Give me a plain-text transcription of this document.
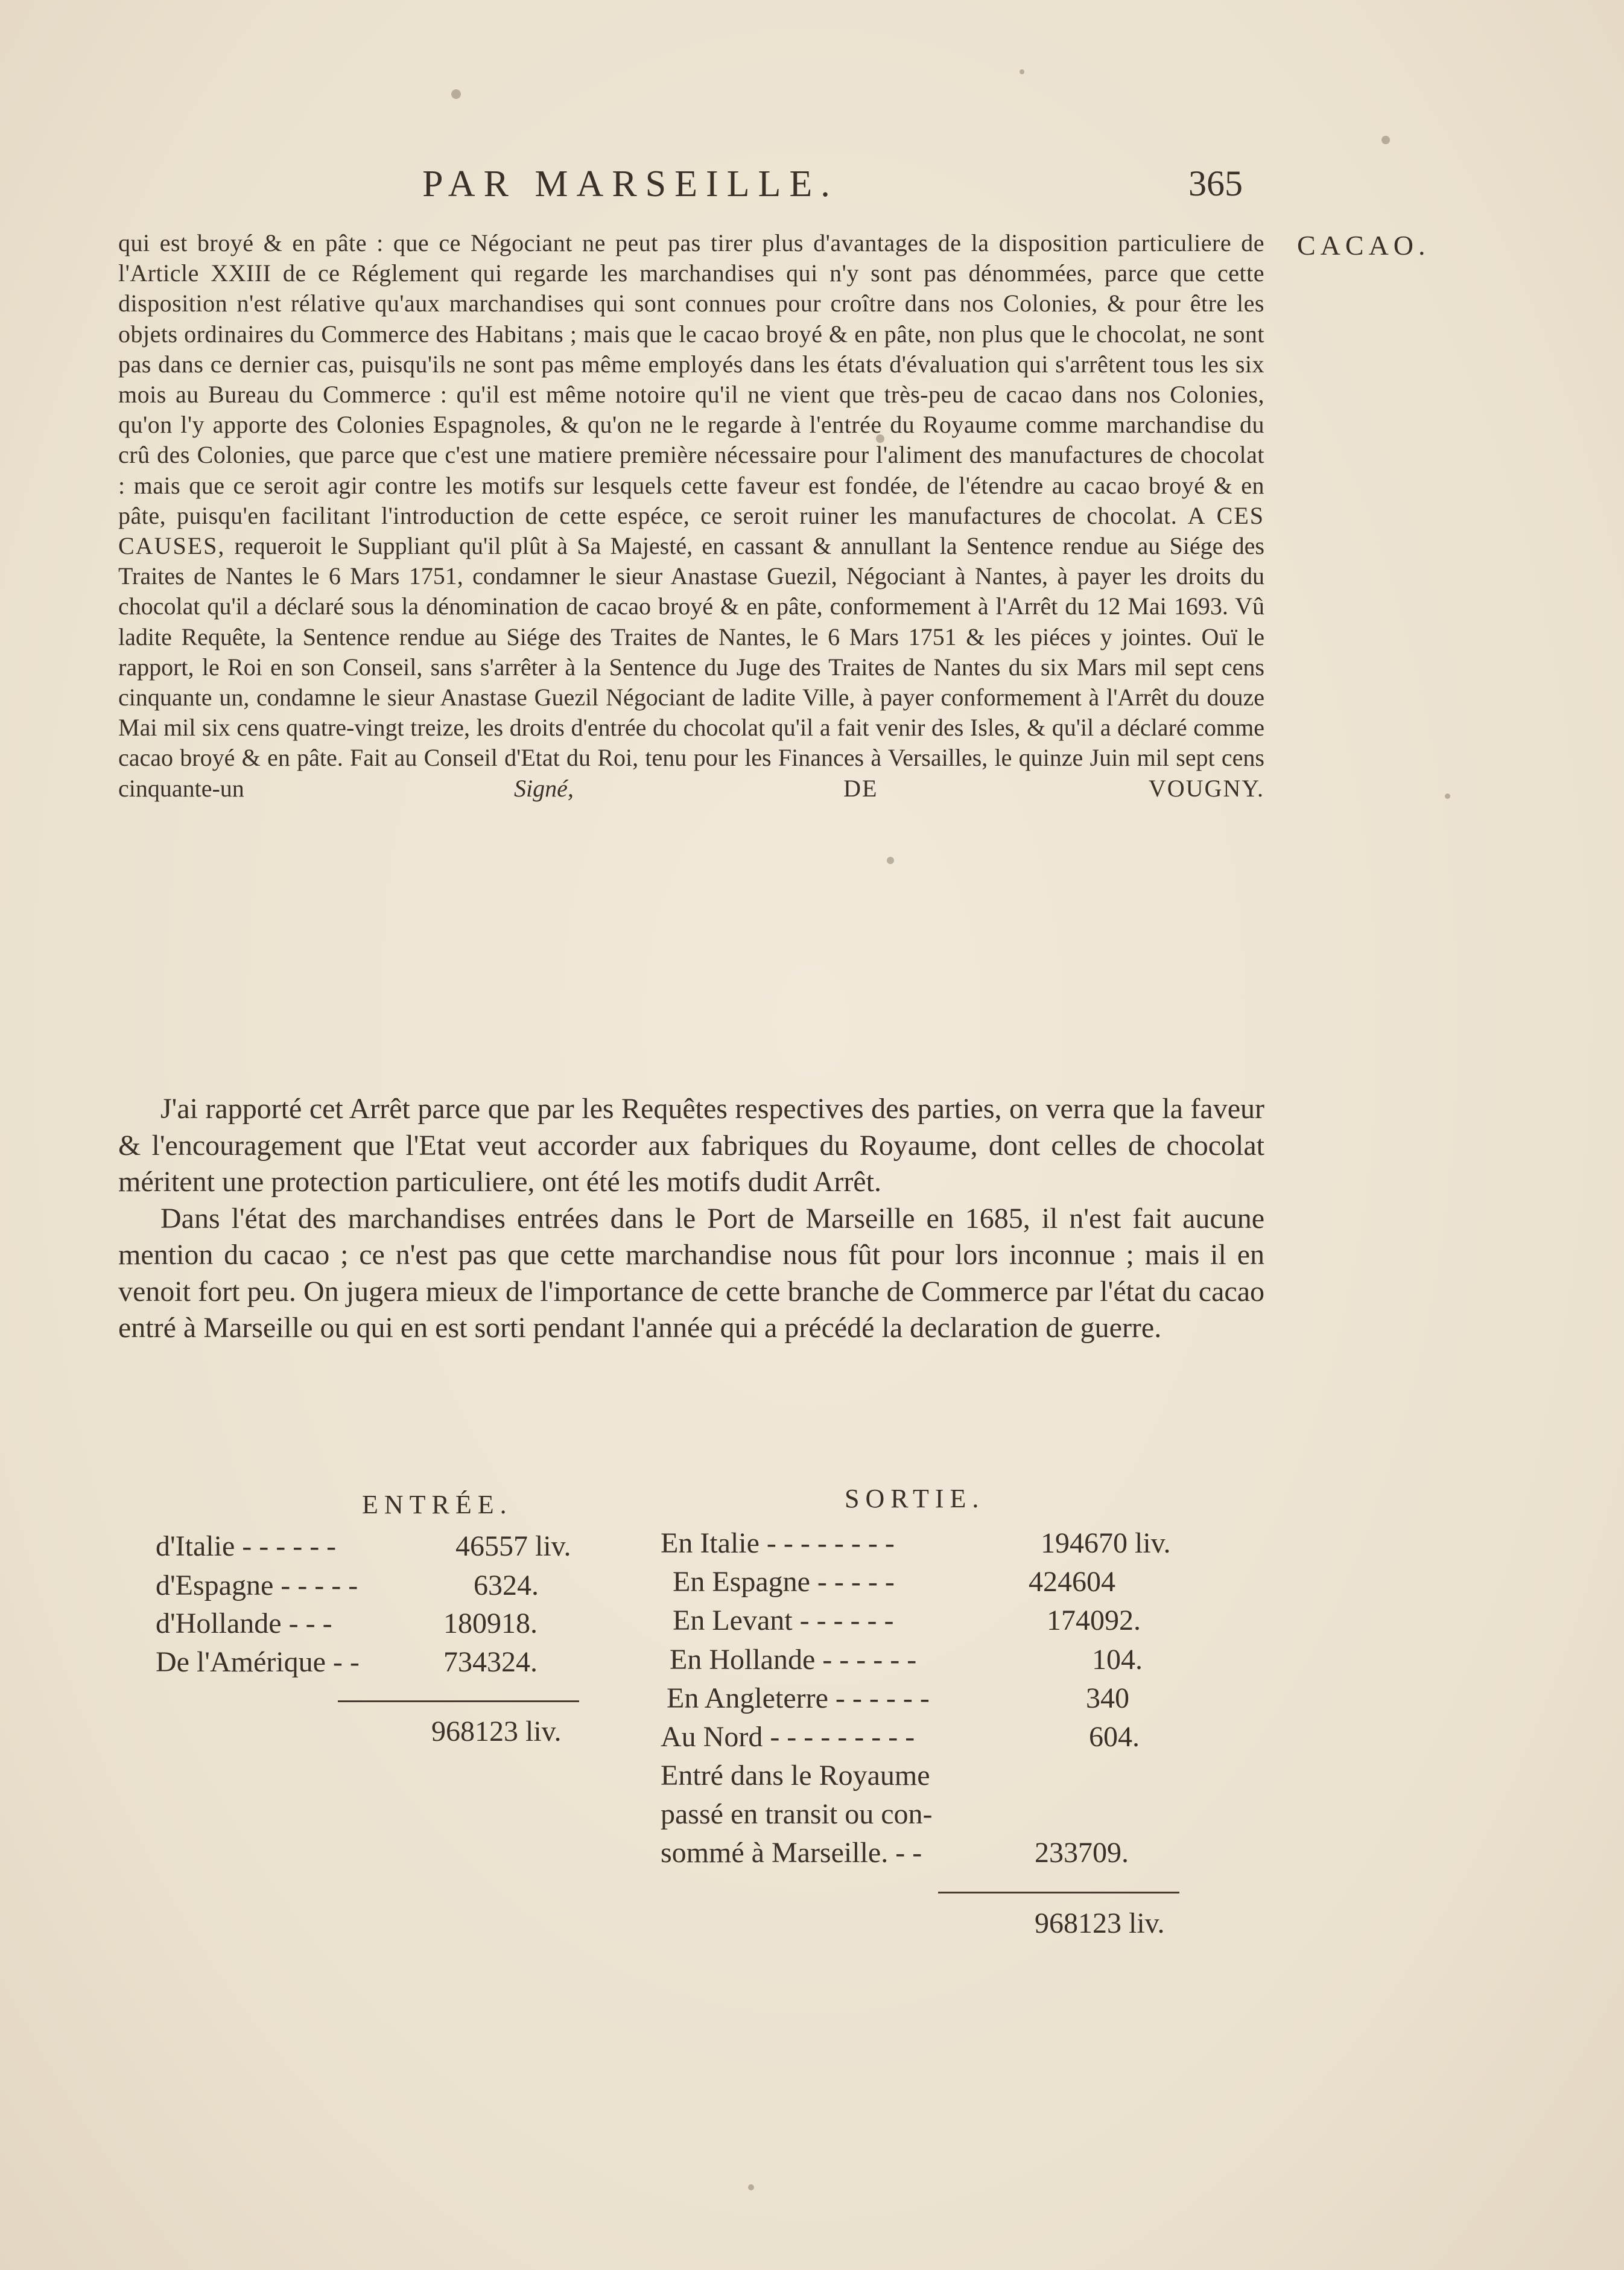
PAR MARSEILLE.	365
CACAO.
qui est broyé & en pâte : que ce Négociant ne peut pas tirer plus d'avantages de la disposition particuliere de l'Article XXIII de ce Réglement qui regarde les marchandises qui n'y sont pas dénommées, parce que cette disposition n'est rélative qu'aux marchandises qui sont connues pour croître dans nos Colonies, & pour être les objets ordinaires du Commerce des Habitans ; mais que le cacao broyé & en pâte, non plus que le chocolat, ne sont pas dans ce dernier cas, puisqu'ils ne sont pas même employés dans les états d'évaluation qui s'arrêtent tous les six mois au Bureau du Commerce : qu'il est même notoire qu'il ne vient que très-peu de cacao dans nos Colonies, qu'on l'y apporte des Colonies Espagnoles, & qu'on ne le regarde à l'entrée du Royaume comme marchandise du crû des Colonies, que parce que c'est une matiere première nécessaire pour l'aliment des manufactures de chocolat : mais que ce seroit agir contre les motifs sur lesquels cette faveur est fondée, de l'étendre au cacao broyé & en pâte, puisqu'en facilitant l'introduction de cette espéce, ce seroit ruiner les manufactures de chocolat. A CES CAUSES, requeroit le Suppliant qu'il plût à Sa Majesté, en cassant & annullant la Sentence rendue au Siége des Traites de Nantes le 6 Mars 1751, condamner le sieur Anastase Guezil, Négociant à Nantes, à payer les droits du chocolat qu'il a déclaré sous la dénomination de cacao broyé & en pâte, conformement à l'Arrêt du 12 Mai 1693. Vû ladite Requête, la Sentence rendue au Siége des Traites de Nantes, le 6 Mars 1751 & les piéces y jointes. Ouï le rapport, le Roi en son Conseil, sans s'arrêter à la Sentence du Juge des Traites de Nantes du six Mars mil sept cens cinquante un, condamne le sieur Anastase Guezil Négociant de ladite Ville, à payer conformement à l'Arrêt du douze Mai mil six cens quatre-vingt treize, les droits d'entrée du chocolat qu'il a fait venir des Isles, & qu'il a déclaré comme cacao broyé & en pâte. Fait au Conseil d'Etat du Roi, tenu pour les Finances à Versailles, le quinze Juin mil sept cens cinquante-un	Signé,	DE VOUGNY.

J'ai rapporté cet Arrêt parce que par les Requêtes respectives des parties, on verra que la faveur & l'encouragement que l'Etat veut accorder aux fabriques du Royaume, dont celles de chocolat méritent une protection particuliere, ont été les motifs dudit Arrêt.

Dans l'état des marchandises entrées dans le Port de Marseille en 1685, il n'est fait aucune mention du cacao ; ce n'est pas que cette marchandise nous fût pour lors inconnue ; mais il en venoit fort peu. On jugera mieux de l'importance de cette branche de Commerce par l'état du cacao entré à Marseille ou qui en est sorti pendant l'année qui a précédé la declaration de guerre.

ENTRÉE.
d'Italie - - - - - -	46557 liv.
d'Espagne - - - - -	6324.
d'Hollande - - -	180918.
De l'Amérique - -	734324.
968123 liv.
SORTIE.
En Italie - - - - - - - -	194670 liv.
En Espagne - - - - -	424604
En Levant - - - - - -	174092.
En Hollande - - - - - -	104.
En Angleterre - - - - - -	340
Au Nord - - - - - - - - -	604.
Entré dans le Royaume
passé en transit ou con-
sommé à Marseille. - -	233709.
968123 liv.
